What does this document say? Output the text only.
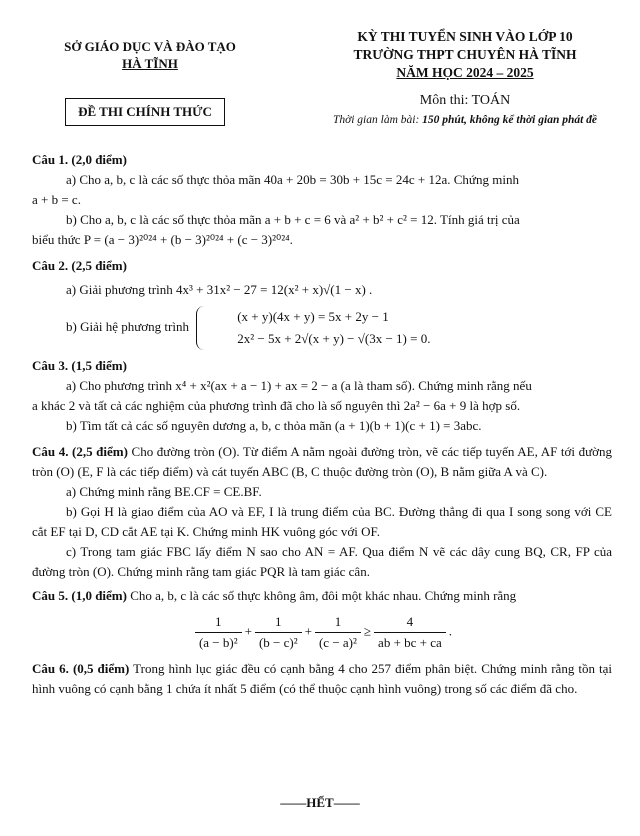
SỞ GIÁO DỤC VÀ ĐÀO TẠO
HÀ TĨNH
ĐỀ THI CHÍNH THỨC
KỲ THI TUYỂN SINH VÀO LỚP 10
TRƯỜNG THPT CHUYÊN HÀ TĨNH
NĂM HỌC 2024 – 2025
Môn thi: TOÁN
Thời gian làm bài: 150 phút, không kể thời gian phát đề

Câu 1. (2,0 điểm)

a) Cho a, b, c là các số thực thỏa mãn 40a + 20b = 30b + 15c = 24c + 12a. Chứng minh

a + b = c.

b) Cho a, b, c là các số thực thỏa mãn a + b + c = 6 và a² + b² + c² = 12. Tính giá trị của

biểu thức P = (a − 3)²⁰²⁴ + (b − 3)²⁰²⁴ + (c − 3)²⁰²⁴.

Câu 2. (2,5 điểm)

a) Giải phương trình 4x³ + 31x² − 27 = 12(x² + x)√(1 − x) .

b) Giải hệ phương trình
(x + y)(4x + y) = 5x + 2y − 1
2x² − 5x + 2√(x + y) − √(3x − 1) = 0.

Câu 3. (1,5 điểm)

a) Cho phương trình x⁴ + x²(ax + a − 1) + ax = 2 − a (a là tham số). Chứng minh rằng nếu

a khác 2 và tất cả các nghiệm của phương trình đã cho là số nguyên thì 2a² − 6a + 9 là hợp số.

b) Tìm tất cả các số nguyên dương a, b, c thỏa mãn (a + 1)(b + 1)(c + 1) = 3abc.

Câu 4. (2,5 điểm) Cho đường tròn (O). Từ điểm A nằm ngoài đường tròn, vẽ các tiếp tuyến AE, AF tới đường tròn (O) (E, F là các tiếp điểm) và cát tuyến ABC (B, C thuộc đường tròn (O), B nằm giữa A và C).

a) Chứng minh rằng BE.CF = CE.BF.

b) Gọi H là giao điểm của AO và EF, I là trung điểm của BC. Đường thẳng đi qua I song song với CE cắt EF tại D, CD cắt AE tại K. Chứng minh HK vuông góc với OF.

c) Trong tam giác FBC lấy điểm N sao cho AN = AF. Qua điểm N vẽ các dây cung BQ, CR, FP của đường tròn (O). Chứng minh rằng tam giác PQR là tam giác cân.

Câu 5. (1,0 điểm) Cho a, b, c là các số thực không âm, đôi một khác nhau. Chứng minh rằng

$\frac{1}{\text{(a − b)²}} + \frac{1}{\text{(b − c)²}} + \frac{1}{\text{(c − a)²}} \ge \frac{4}{ab + bc + ca}$ .

Câu 6. (0,5 điểm) Trong hình lục giác đều có cạnh bằng 4 cho 257 điểm phân biệt. Chứng minh rằng tồn tại hình vuông có cạnh bằng 1 chứa ít nhất 5 điểm (có thể thuộc cạnh hình vuông) trong số các điểm đã cho.

——HẾT——
